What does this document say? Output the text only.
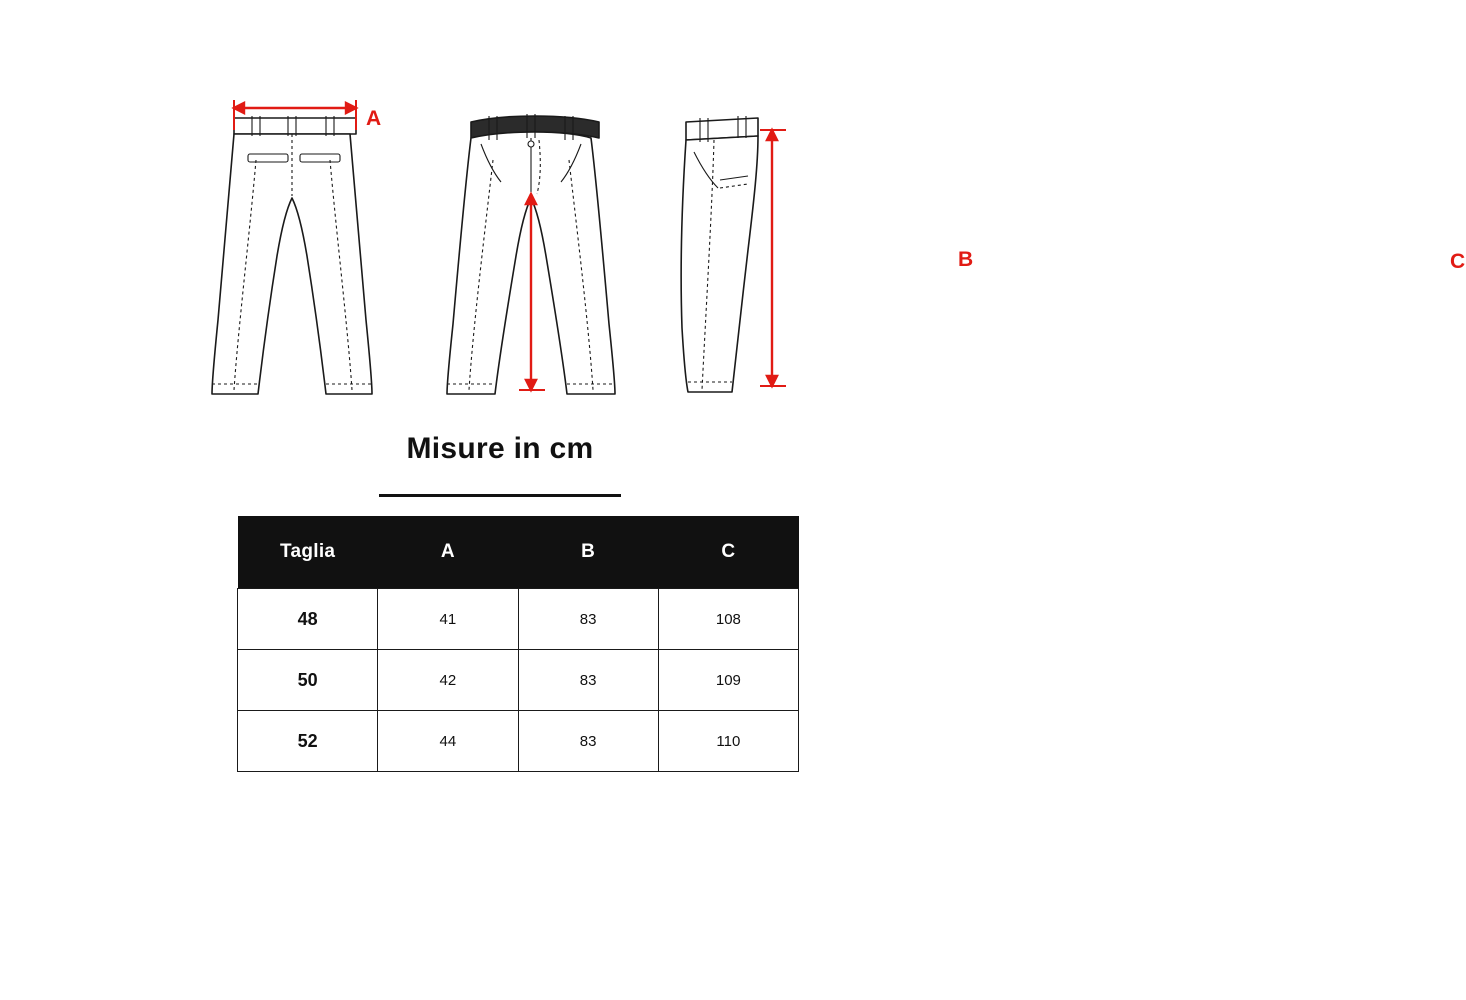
A
B	C
Misure in cm
Taglia	A	B	C
48	41	83	108
50	42	83	109
52	44	83	110
